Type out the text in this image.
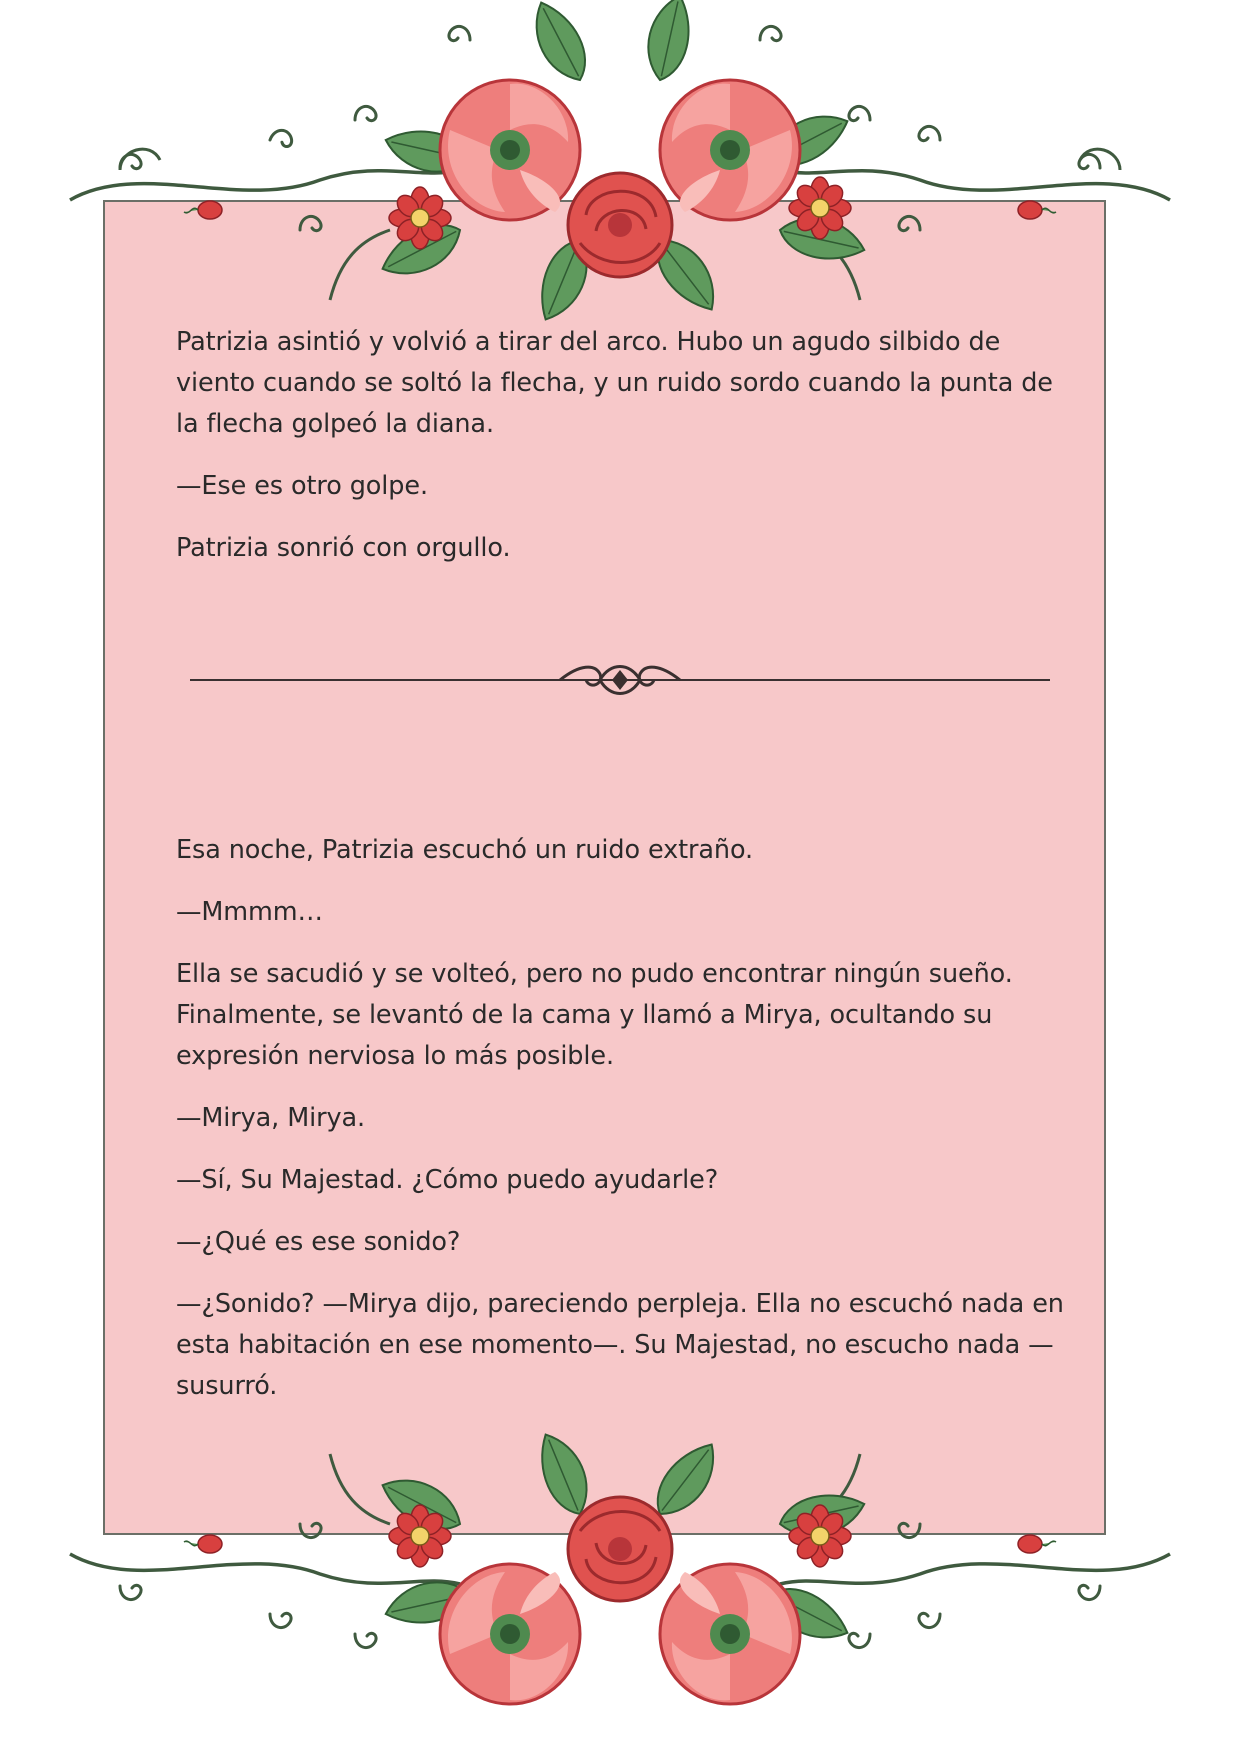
Patrizia asintió y volvió a tirar del arco. Hubo un agudo silbido de viento cuando se soltó la flecha, y un ruido sordo cuando la punta de la flecha golpeó la diana.

—Ese es otro golpe.

Patrizia sonrió con orgullo.

Esa noche, Patrizia escuchó un ruido extraño.

—Mmmm…

Ella se sacudió y se volteó, pero no pudo encontrar ningún sueño. Finalmente, se levantó de la cama y llamó a Mirya, ocultando su expresión nerviosa lo más posible.

—Mirya, Mirya.

—Sí, Su Majestad. ¿Cómo puedo ayudarle?

—¿Qué es ese sonido?

—¿Sonido? —Mirya dijo, pareciendo perpleja. Ella no escuchó nada en esta habitación en ese momento—. Su Majestad, no escucho nada —susurró.
